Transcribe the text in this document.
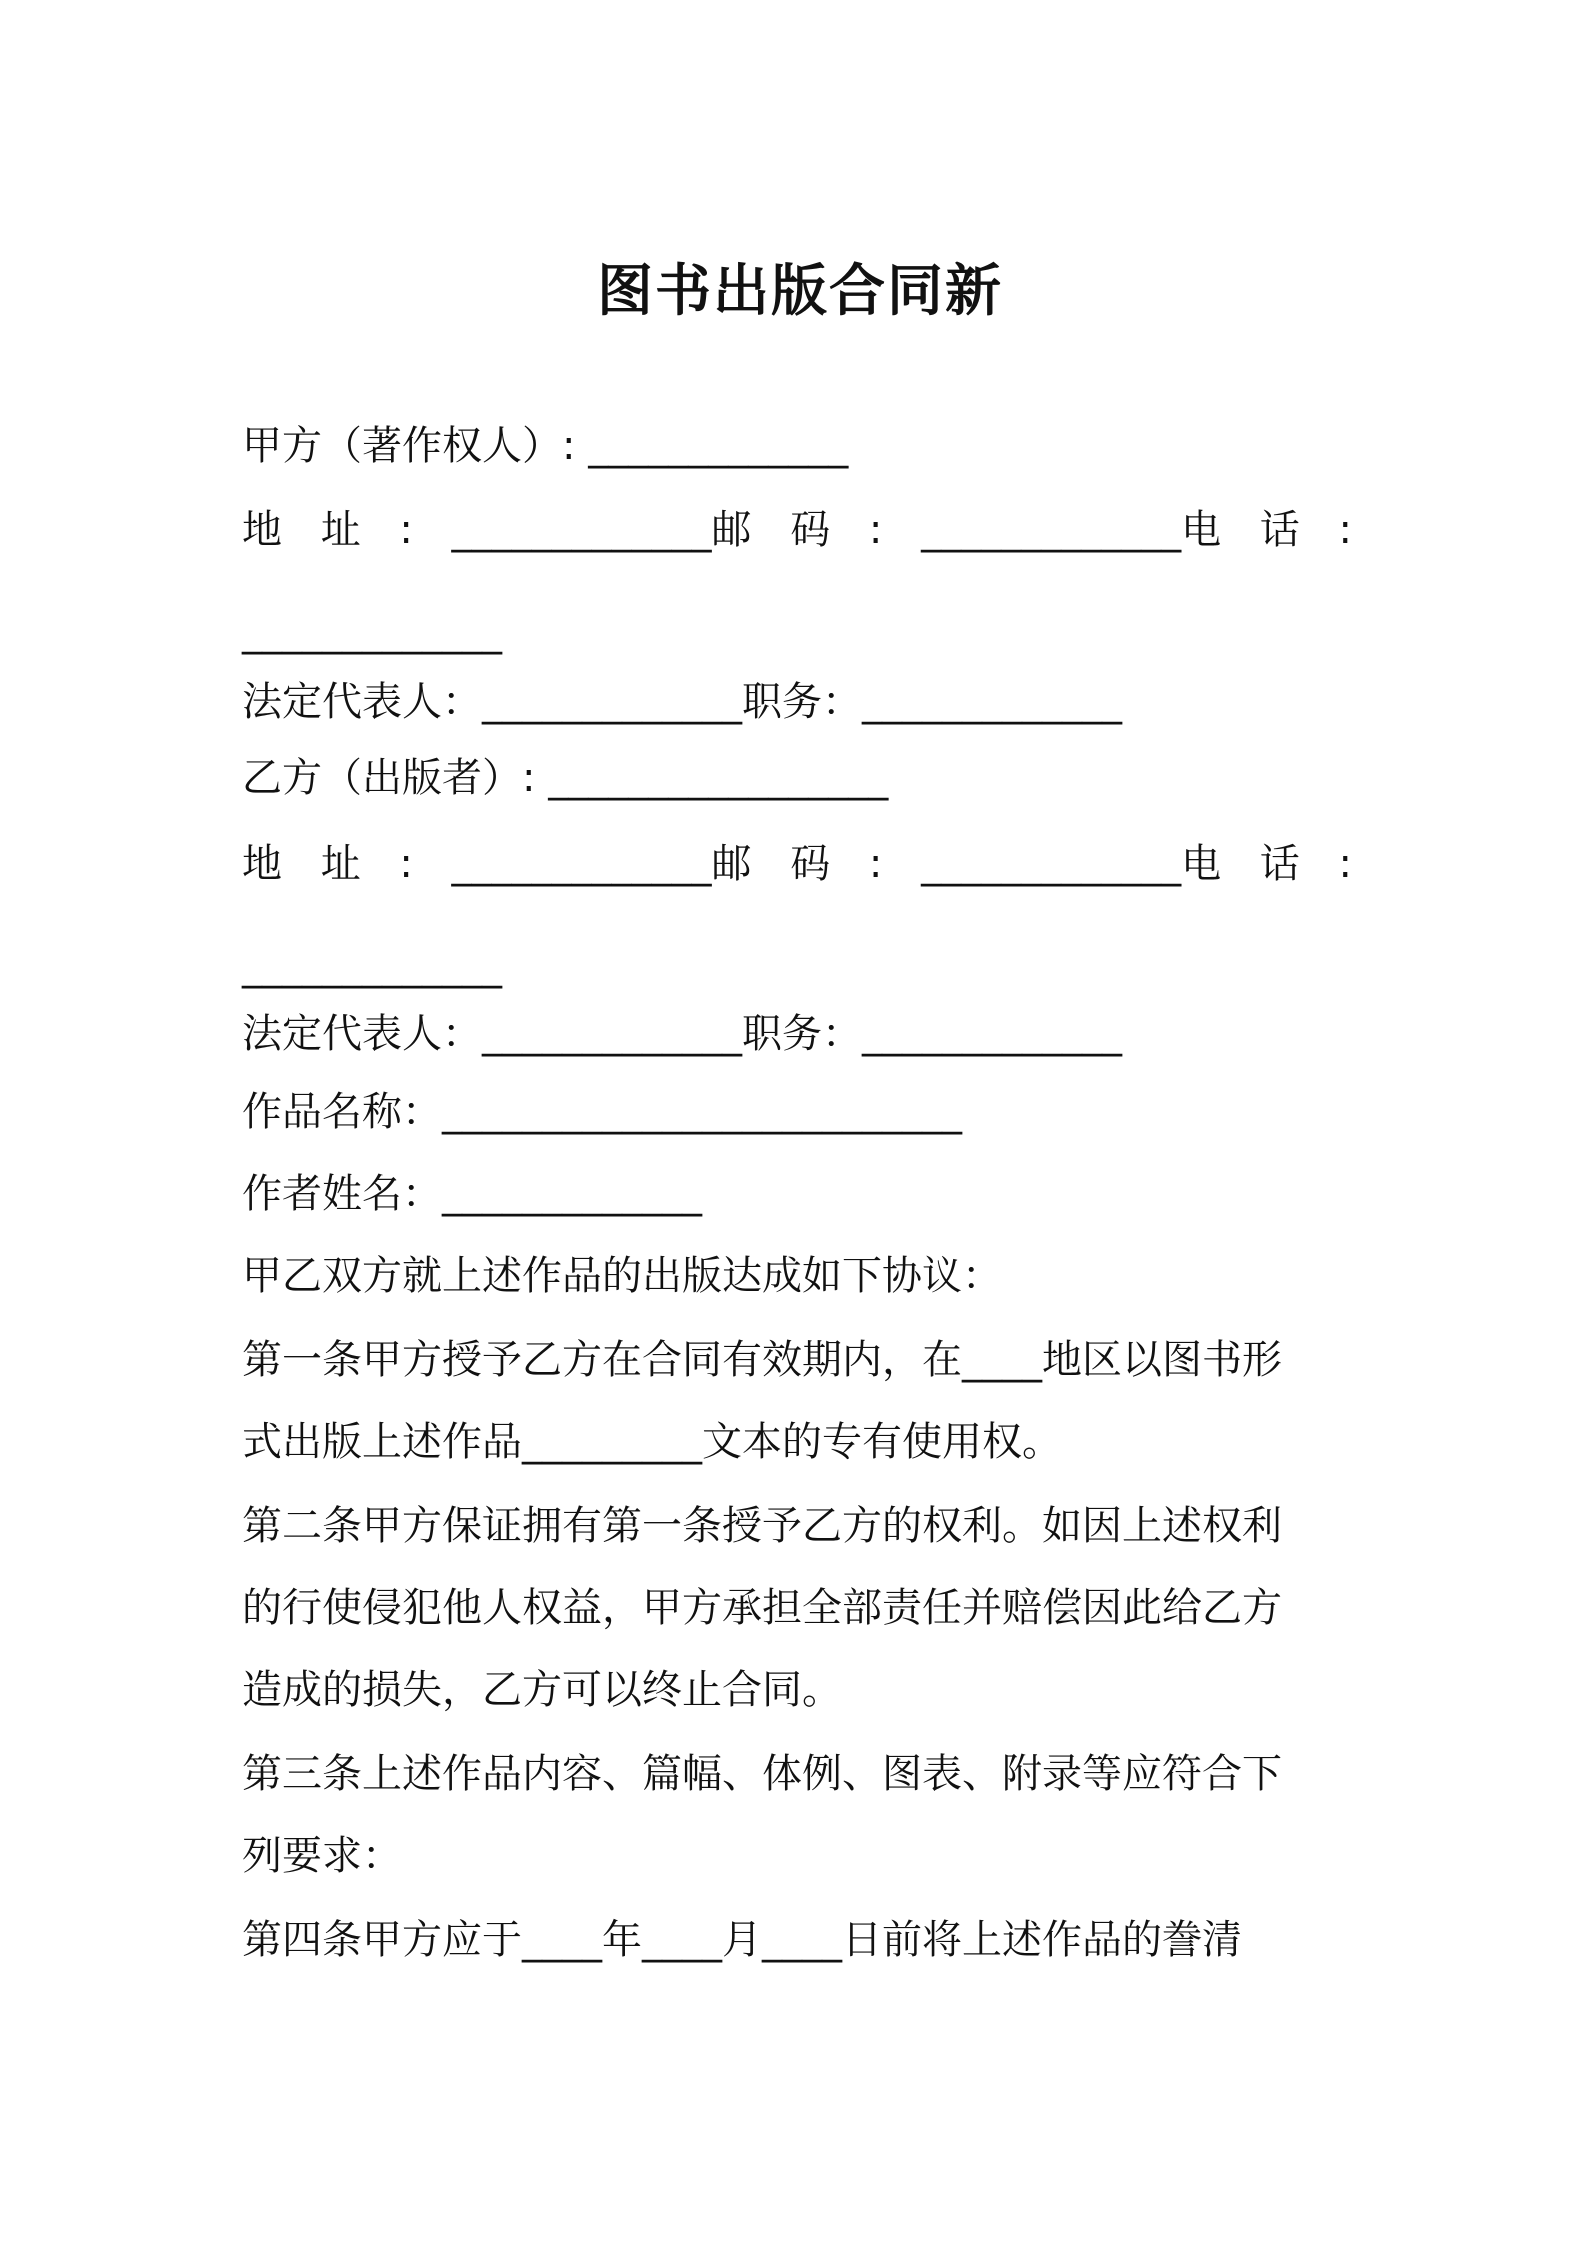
图书出版合同新
甲方（著作权人）: _____________
地 址 : _____________邮 码 : _____________电 话 :
_____________
法定代表人：_____________职务：_____________
乙方（出版者）: _________________
地 址 : _____________邮 码 : _____________电 话 :
_____________
法定代表人：_____________职务：_____________
作品名称：__________________________
作者姓名：_____________
甲乙双方就上述作品的出版达成如下协议：
第一条甲方授予乙方在合同有效期内，在____地区以图书形
式出版上述作品_________文本的专有使用权。
第二条甲方保证拥有第一条授予乙方的权利。如因上述权利
的行使侵犯他人权益，甲方承担全部责任并赔偿因此给乙方
造成的损失，乙方可以终止合同。
第三条上述作品内容、篇幅、体例、图表、附录等应符合下
列要求：
第四条甲方应于____年____月____日前将上述作品的誊清
